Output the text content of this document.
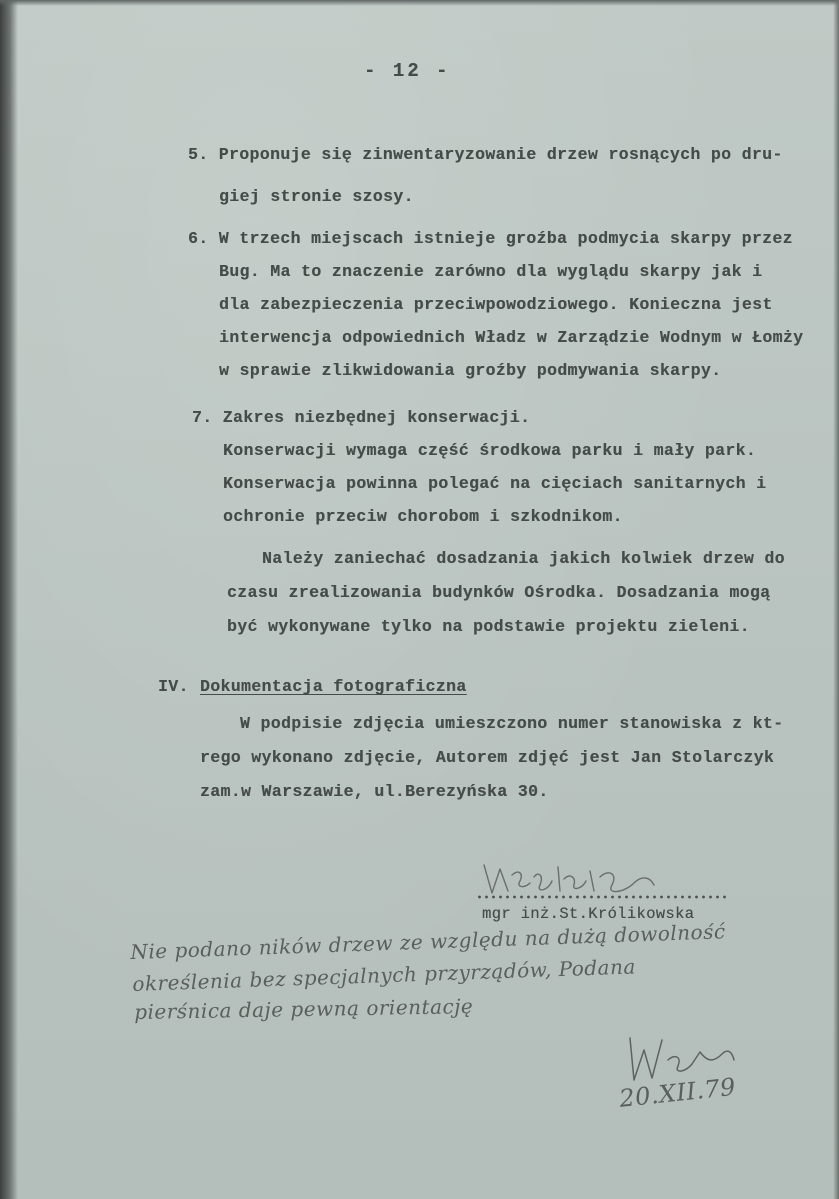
- 12 -
5. Proponuje się zinwentaryzowanie drzew rosnących po dru-
giej stronie szosy.
6. W trzech miejscach istnieje groźba podmycia skarpy przez
Bug. Ma to znaczenie zarówno dla wyglądu skarpy jak i
dla zabezpieczenia przeciwpowodziowego. Konieczna jest
interwencja odpowiednich Władz w Zarządzie Wodnym w Łomży
w sprawie zlikwidowania groźby podmywania skarpy.
7. Zakres niezbędnej konserwacji.
Konserwacji wymaga część środkowa parku i mały park.
Konserwacja powinna polegać na cięciach sanitarnych i
ochronie przeciw chorobom i szkodnikom.
Należy zaniechać dosadzania jakich kolwiek drzew do
czasu zrealizowania budynków Ośrodka. Dosadzania mogą
być wykonywane tylko na podstawie projektu zieleni.
IV. Dokumentacja fotograficzna
W podpisie zdjęcia umieszczono numer stanowiska z kt-
rego wykonano zdjęcie, Autorem zdjęć jest Jan Stolarczyk
zam.w Warszawie, ul.Berezyńska 30.
mgr inż.St.Królikowska
Nie podano ników drzew ze względu na dużą dowolność
określenia bez specjalnych przyrządów, Podana
pierśnica daje pewną orientację
20.XII.79
